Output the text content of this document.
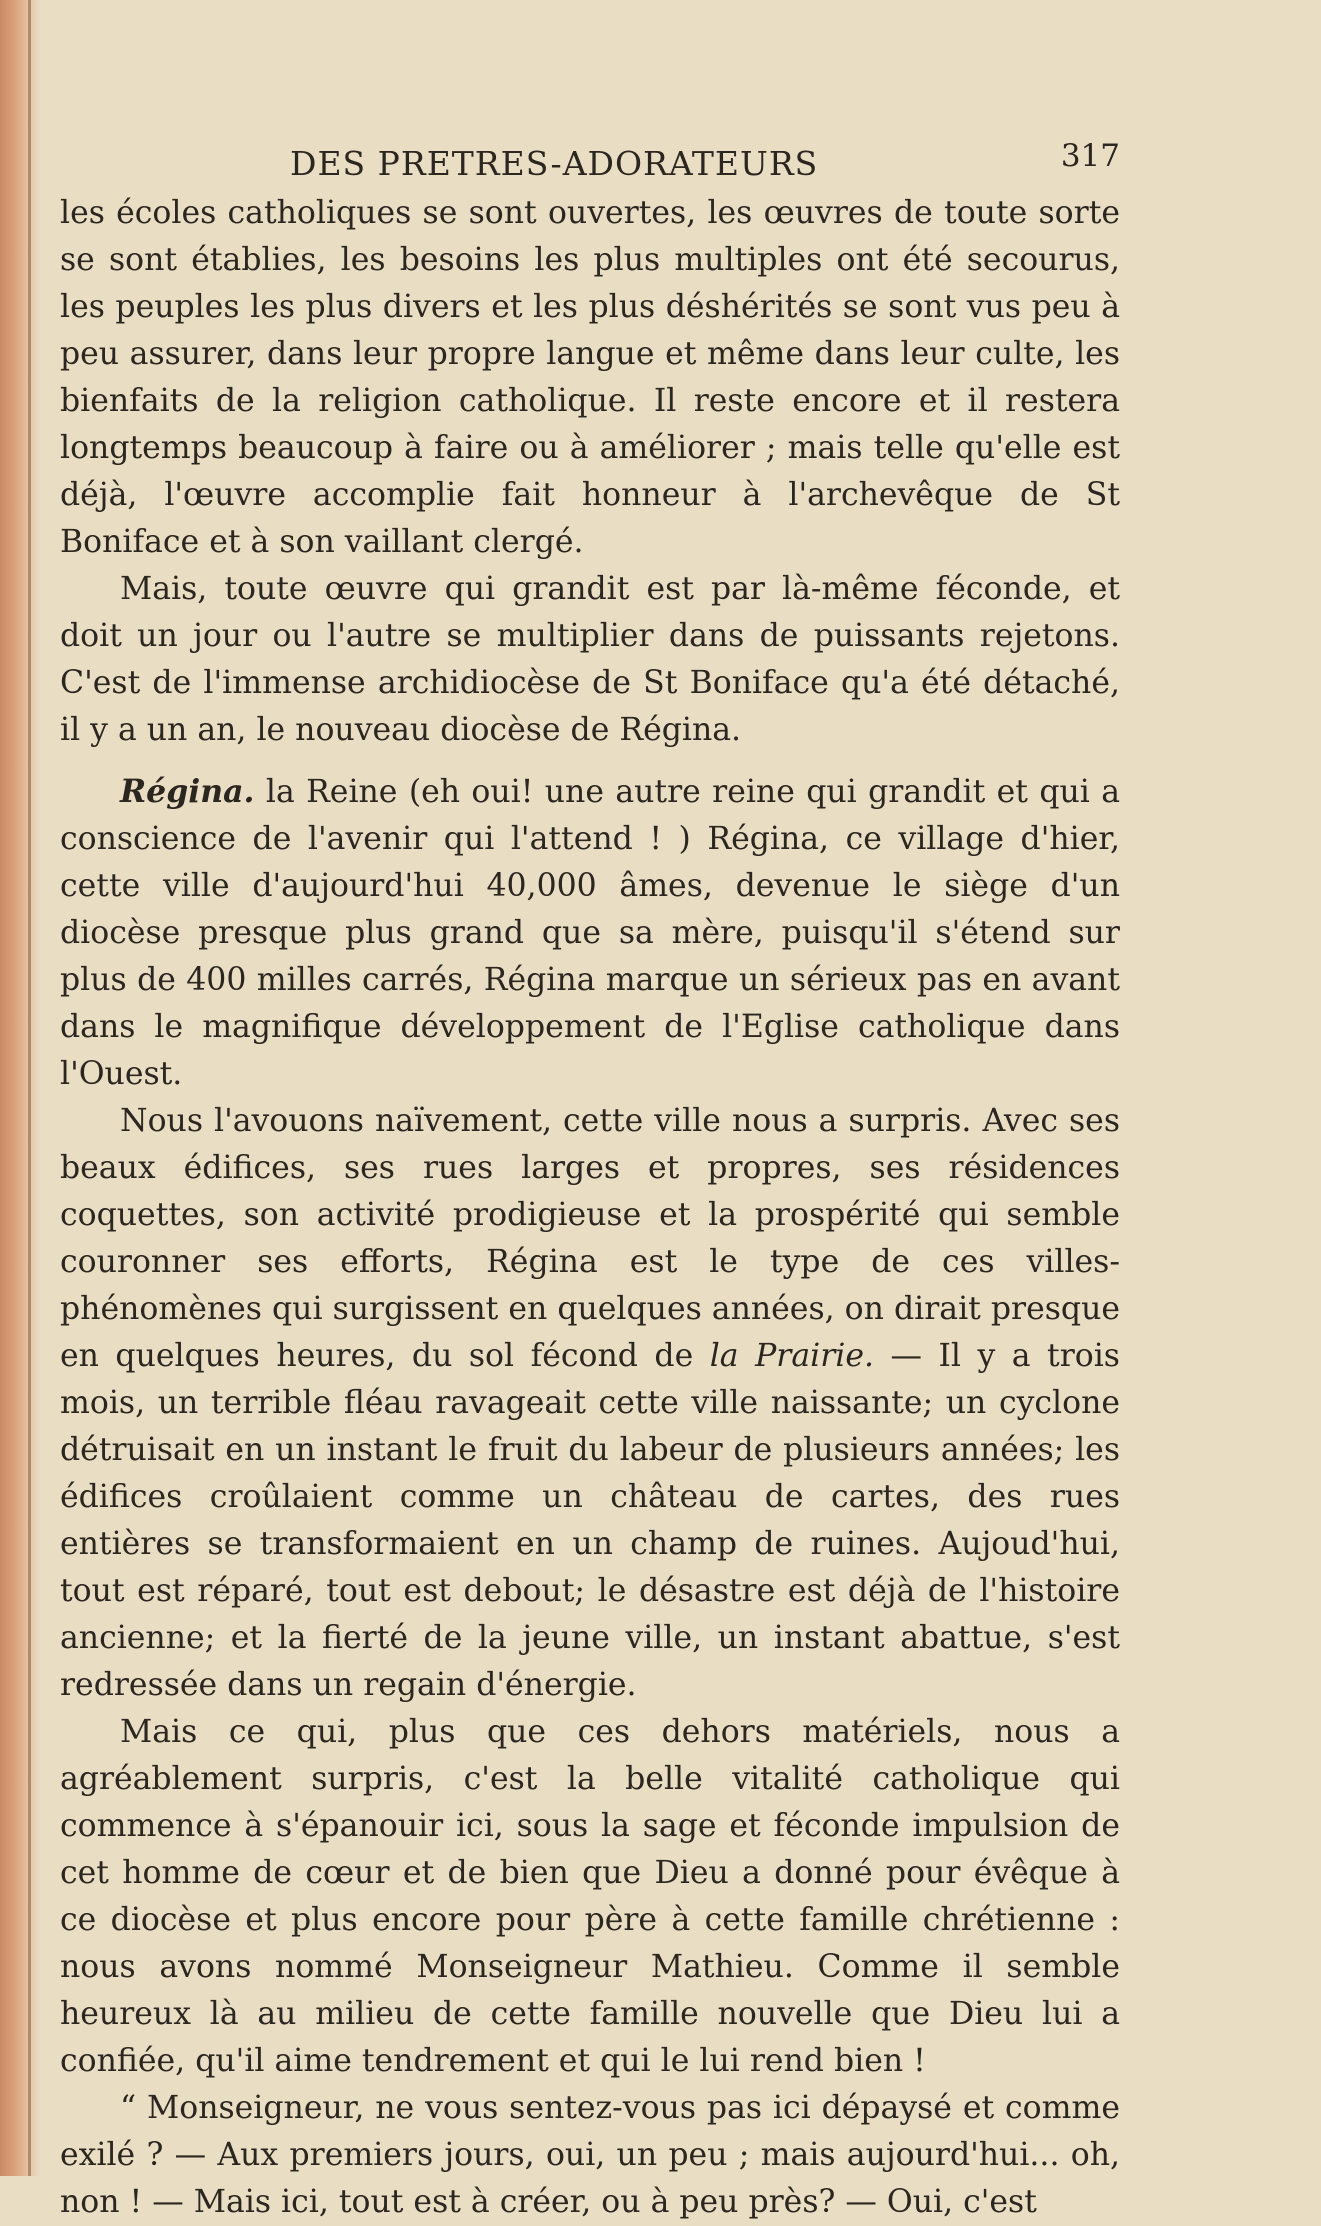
DES PRETRES-ADORATEURS	317

les écoles catholiques se sont ouvertes, les œuvres de toute sorte se sont établies, les besoins les plus multiples ont été secourus, les peuples les plus divers et les plus déshérités se sont vus peu à peu assurer, dans leur propre langue et même dans leur culte, les bienfaits de la religion catholique. Il reste encore et il restera longtemps beaucoup à faire ou à améliorer ; mais telle qu'elle est déjà, l'œuvre accomplie fait honneur à l'archevêque de St Boniface et à son vaillant clergé.

Mais, toute œuvre qui grandit est par là-même féconde, et doit un jour ou l'autre se multiplier dans de puissants rejetons. C'est de l'immense archidiocèse de St Boniface qu'a été détaché, il y a un an, le nouveau diocèse de Régina.

Régina. la Reine (eh oui! une autre reine qui grandit et qui a conscience de l'avenir qui l'attend ! ) Régina, ce village d'hier, cette ville d'aujourd'hui 40,000 âmes, devenue le siège d'un diocèse presque plus grand que sa mère, puisqu'il s'étend sur plus de 400 milles carrés, Régina marque un sérieux pas en avant dans le magnifique développement de l'Eglise catholique dans l'Ouest.

Nous l'avouons naïvement, cette ville nous a surpris. Avec ses beaux édifices, ses rues larges et propres, ses résidences coquettes, son activité prodigieuse et la prospérité qui semble couronner ses efforts, Régina est le type de ces villes-phénomènes qui surgissent en quelques années, on dirait presque en quelques heures, du sol fécond de la Prairie. — Il y a trois mois, un terrible fléau ravageait cette ville naissante; un cyclone détruisait en un instant le fruit du labeur de plusieurs années; les édifices croûlaient comme un château de cartes, des rues entières se transformaient en un champ de ruines. Aujoud'hui, tout est réparé, tout est debout; le désastre est déjà de l'histoire ancienne; et la fierté de la jeune ville, un instant abattue, s'est redressée dans un regain d'énergie.

Mais ce qui, plus que ces dehors matériels, nous a agréablement surpris, c'est la belle vitalité catholique qui commence à s'épanouir ici, sous la sage et féconde impulsion de cet homme de cœur et de bien que Dieu a donné pour évêque à ce diocèse et plus encore pour père à cette famille chrétienne : nous avons nommé Monseigneur Mathieu. Comme il semble heureux là au milieu de cette famille nouvelle que Dieu lui a confiée, qu'il aime tendrement et qui le lui rend bien !

“ Monseigneur, ne vous sentez-vous pas ici dépaysé et comme exilé ? — Aux premiers jours, oui, un peu ; mais aujourd'hui... oh, non ! — Mais ici, tout est à créer, ou à peu près? — Oui, c'est
